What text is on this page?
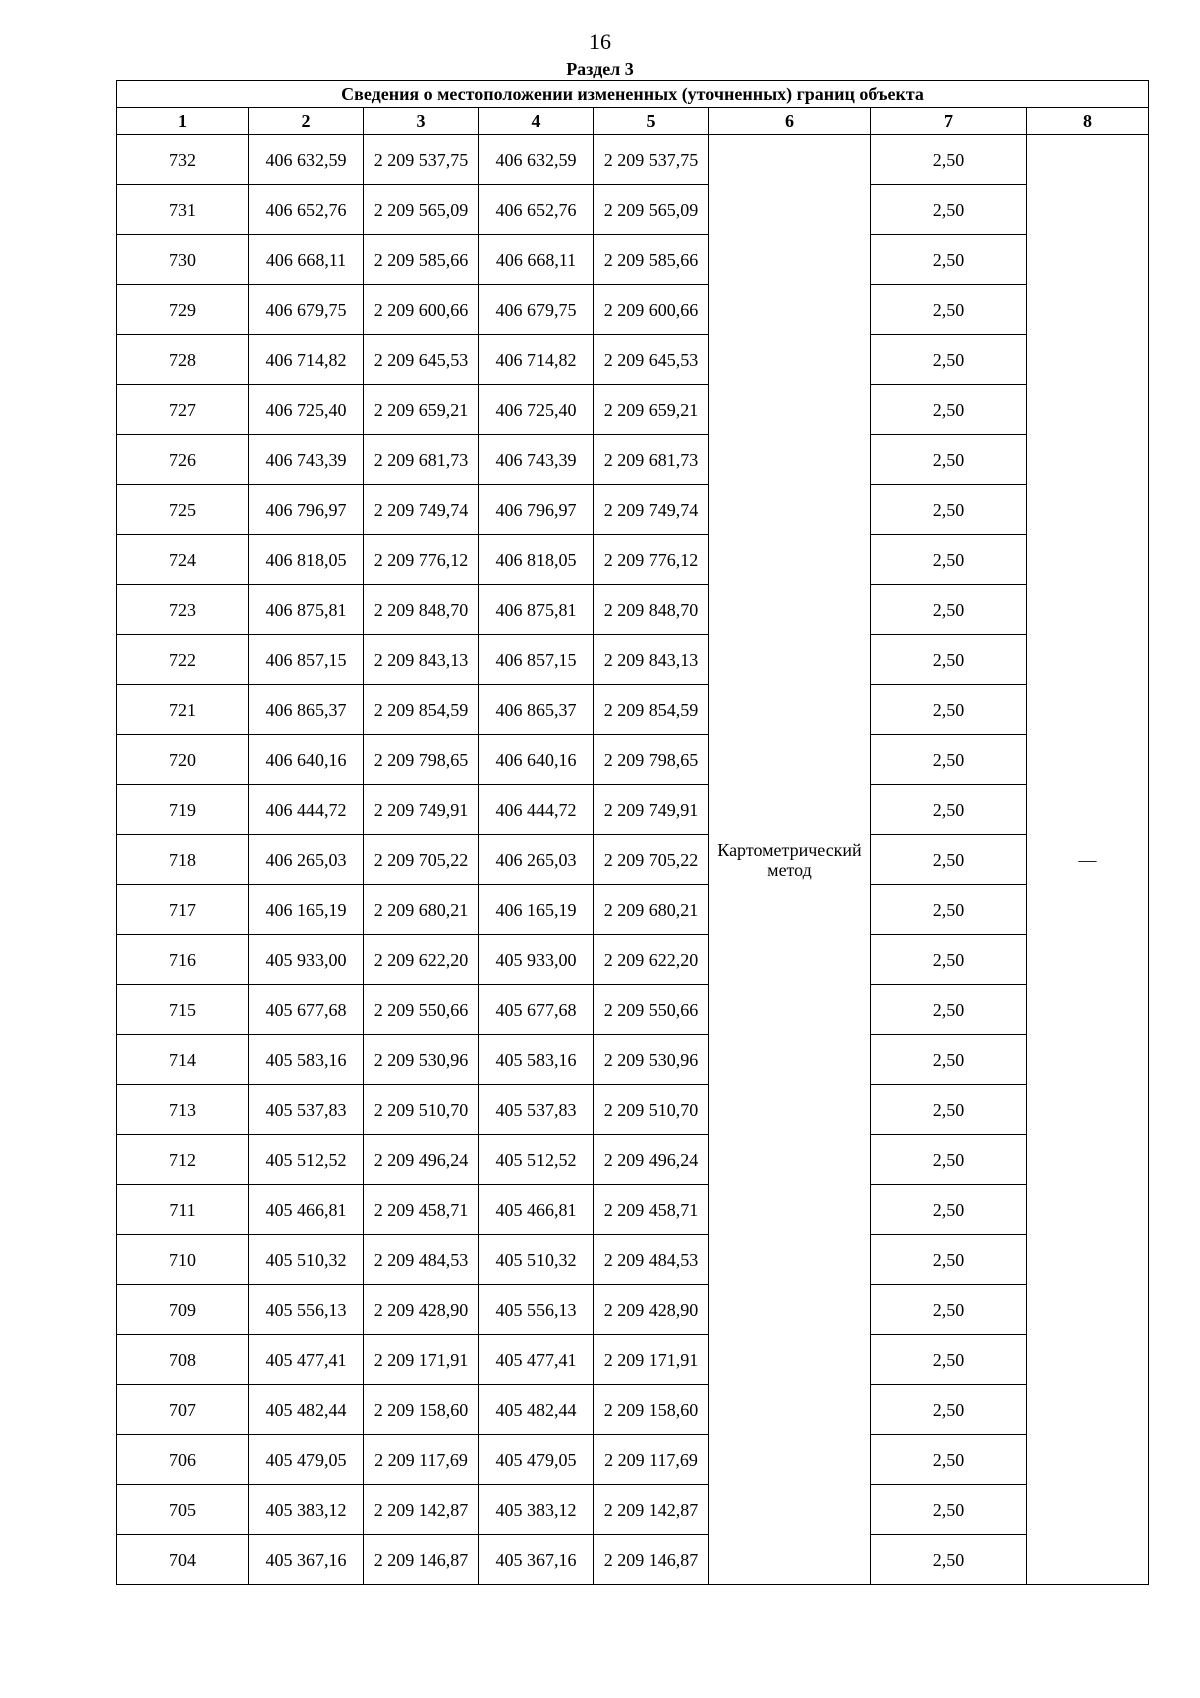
16
Раздел 3
Сведения о местоположении измененных (уточненных) границ объекта							
1	2	3	4	5	6	7	8
732	406 632,59	2 209 537,75	406 632,59	2 209 537,75	Картометрический метод	2,50	—
731	406 652,76	2 209 565,09	406 652,76	2 209 565,09		2,50	
730	406 668,11	2 209 585,66	406 668,11	2 209 585,66		2,50	
729	406 679,75	2 209 600,66	406 679,75	2 209 600,66		2,50	
728	406 714,82	2 209 645,53	406 714,82	2 209 645,53		2,50	
727	406 725,40	2 209 659,21	406 725,40	2 209 659,21		2,50	
726	406 743,39	2 209 681,73	406 743,39	2 209 681,73		2,50	
725	406 796,97	2 209 749,74	406 796,97	2 209 749,74		2,50	
724	406 818,05	2 209 776,12	406 818,05	2 209 776,12		2,50	
723	406 875,81	2 209 848,70	406 875,81	2 209 848,70		2,50	
722	406 857,15	2 209 843,13	406 857,15	2 209 843,13		2,50	
721	406 865,37	2 209 854,59	406 865,37	2 209 854,59		2,50	
720	406 640,16	2 209 798,65	406 640,16	2 209 798,65		2,50	
719	406 444,72	2 209 749,91	406 444,72	2 209 749,91		2,50	
718	406 265,03	2 209 705,22	406 265,03	2 209 705,22		2,50	
717	406 165,19	2 209 680,21	406 165,19	2 209 680,21		2,50	
716	405 933,00	2 209 622,20	405 933,00	2 209 622,20		2,50	
715	405 677,68	2 209 550,66	405 677,68	2 209 550,66		2,50	
714	405 583,16	2 209 530,96	405 583,16	2 209 530,96		2,50	
713	405 537,83	2 209 510,70	405 537,83	2 209 510,70		2,50	
712	405 512,52	2 209 496,24	405 512,52	2 209 496,24		2,50	
711	405 466,81	2 209 458,71	405 466,81	2 209 458,71		2,50	
710	405 510,32	2 209 484,53	405 510,32	2 209 484,53		2,50	
709	405 556,13	2 209 428,90	405 556,13	2 209 428,90		2,50	
708	405 477,41	2 209 171,91	405 477,41	2 209 171,91		2,50	
707	405 482,44	2 209 158,60	405 482,44	2 209 158,60		2,50	
706	405 479,05	2 209 117,69	405 479,05	2 209 117,69		2,50	
705	405 383,12	2 209 142,87	405 383,12	2 209 142,87		2,50	
704	405 367,16	2 209 146,87	405 367,16	2 209 146,87		2,50	
